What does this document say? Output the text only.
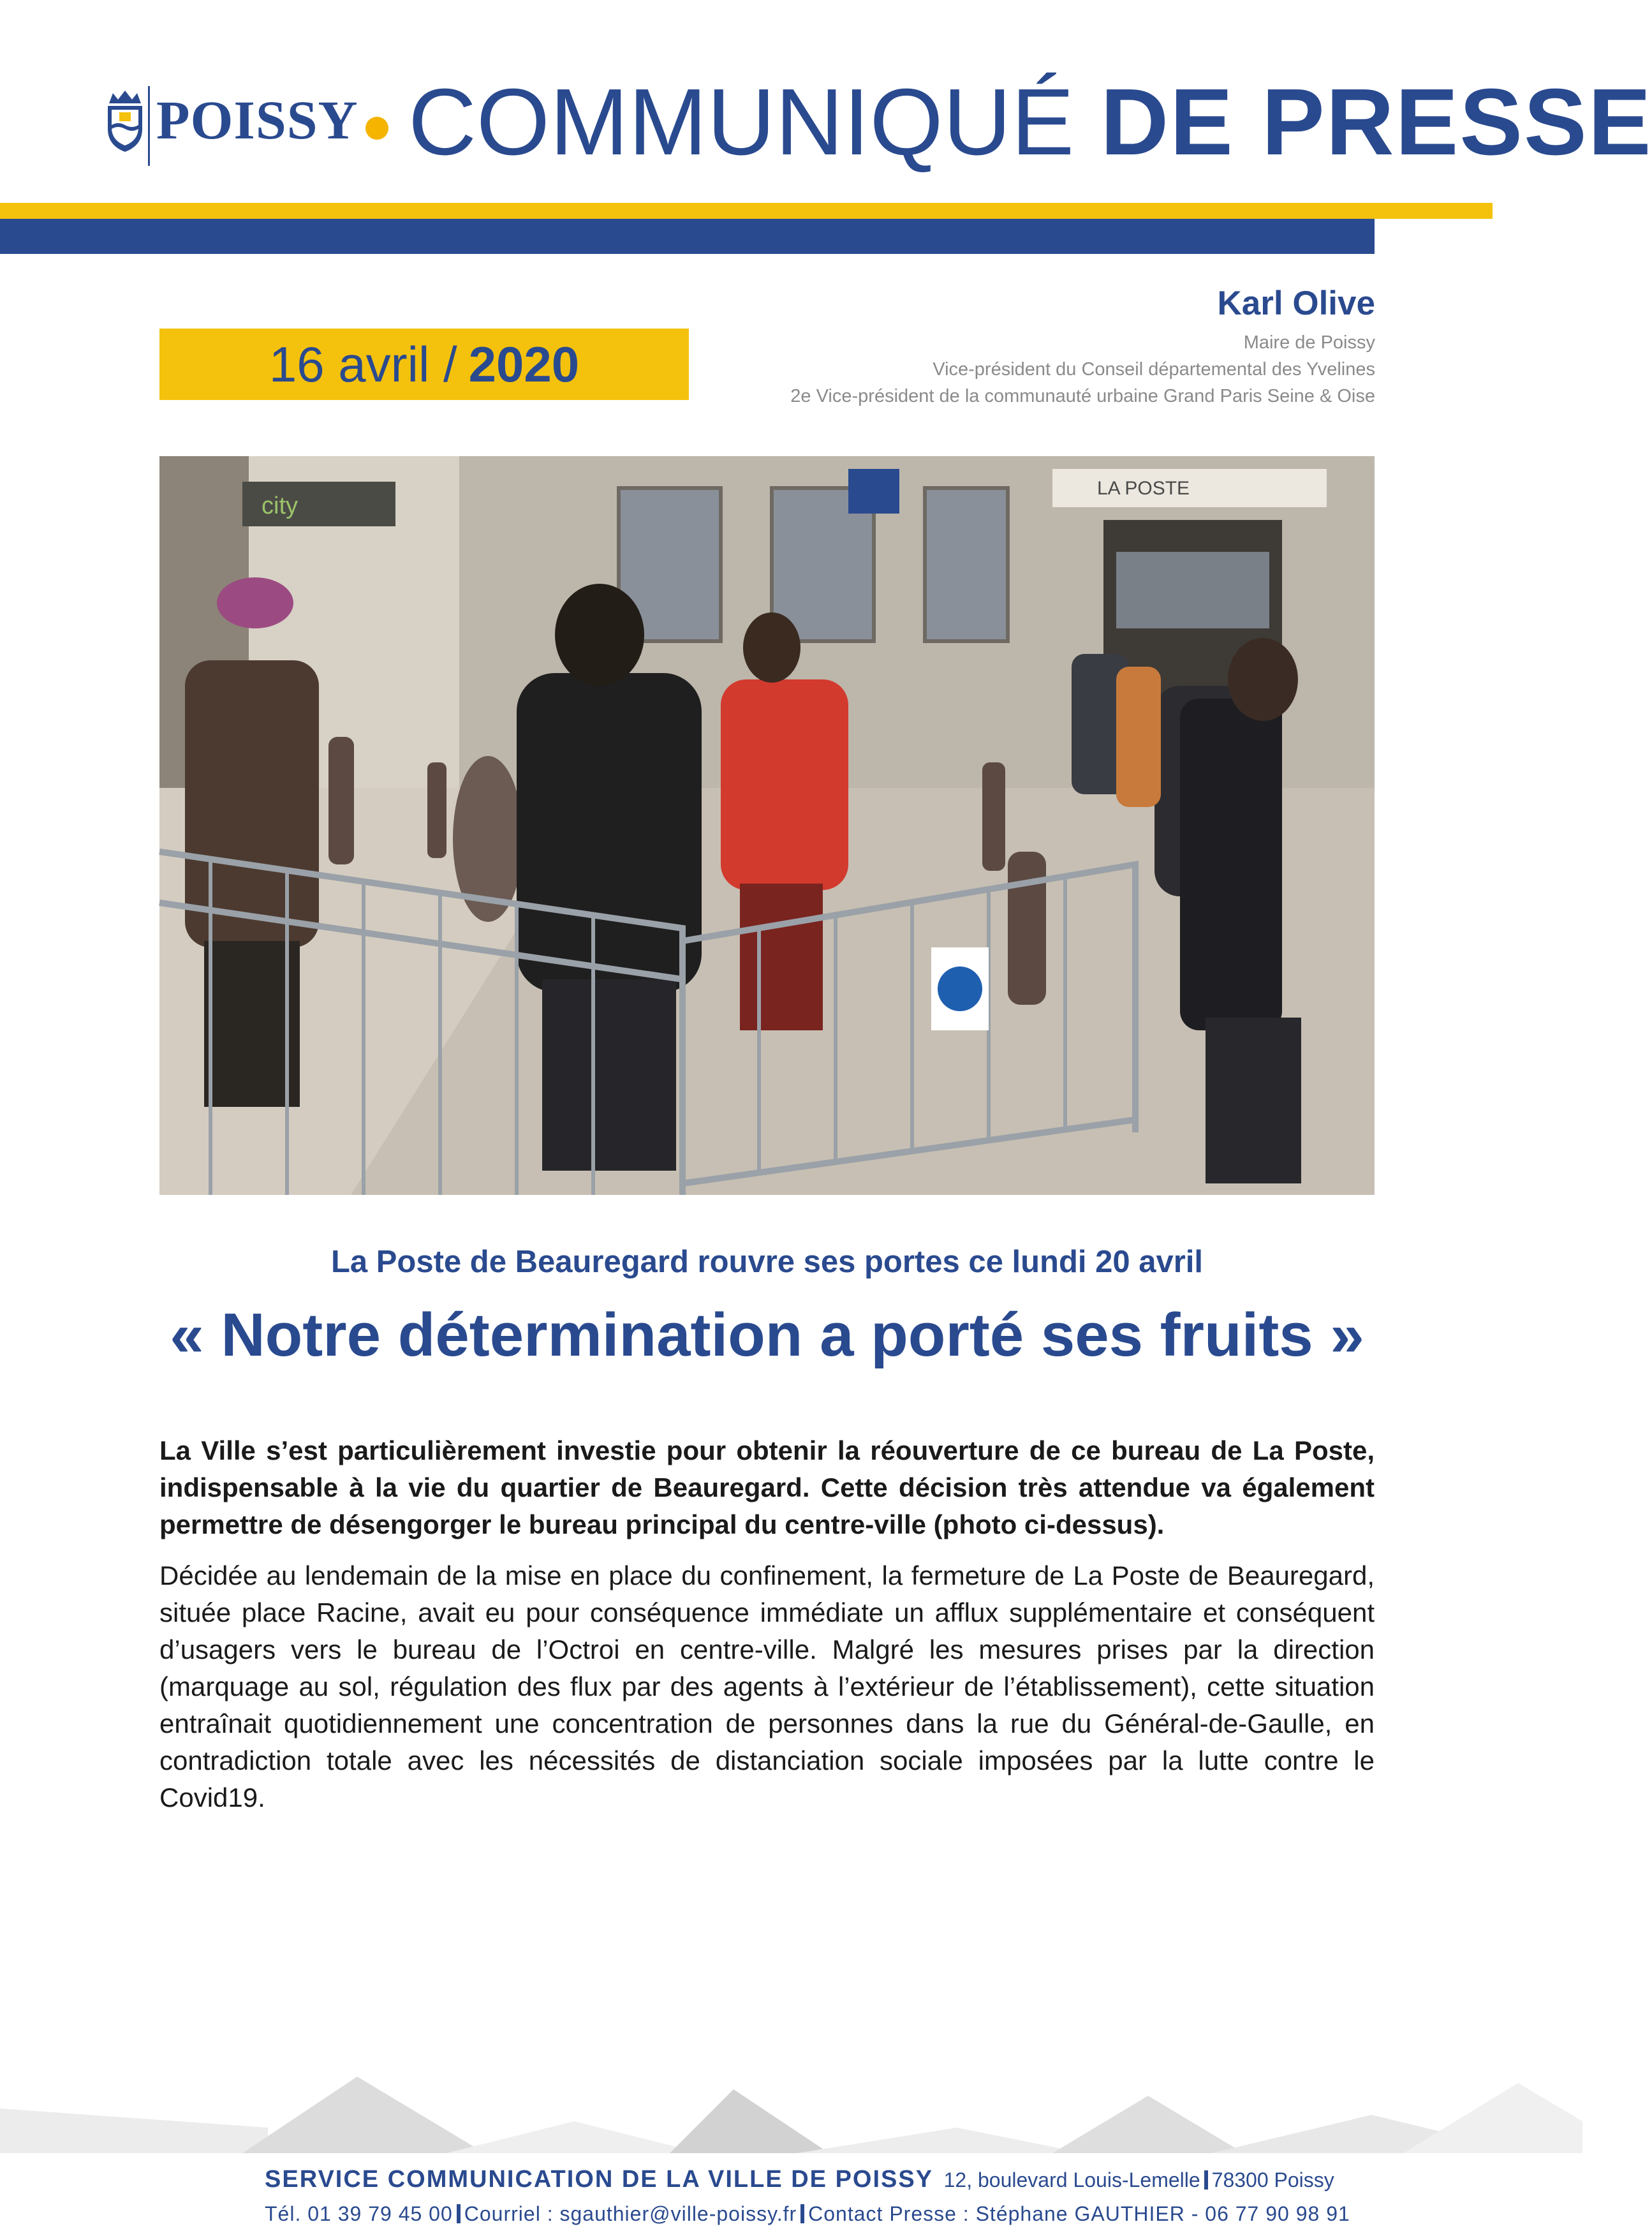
POISSY COMMUNIQUÉ DE PRESSE
16 avril / 2020
Karl Olive
Maire de Poissy
Vice-président du Conseil départemental des Yvelines
2e Vice-président de la communauté urbaine Grand Paris Seine & Oise
LA POSTE
city
La Poste de Beauregard rouvre ses portes ce lundi 20 avril
« Notre détermination a porté ses fruits »

La Ville s’est particulièrement investie pour obtenir la réouverture de ce bureau de La Poste, indispensable à la vie du quartier de Beauregard. Cette décision très attendue va également permettre de désengorger le bureau principal du centre-ville (photo ci-dessus).

Décidée au lendemain de la mise en place du confinement, la fermeture de La Poste de Beauregard, située place Racine, avait eu pour conséquence immédiate un afflux supplémentaire et conséquent d’usagers vers le bureau de l’Octroi en centre-ville. Malgré les mesures prises par la direction (marquage au sol, régulation des flux par des agents à l’extérieur de l’établissement), cette situation entraînait quotidiennement une concentration de personnes dans la rue du Général-de-Gaulle, en contradiction totale avec les nécessités de distanciation sociale imposées par la lutte contre le Covid19.

SERVICE COMMUNICATION DE LA VILLE DE POISSY 12, boulevard Louis-Lemelle 78300 Poissy
Tél. 01 39 79 45 00 Courriel : sgauthier@ville-poissy.fr Contact Presse : Stéphane GAUTHIER - 06 77 90 98 91
